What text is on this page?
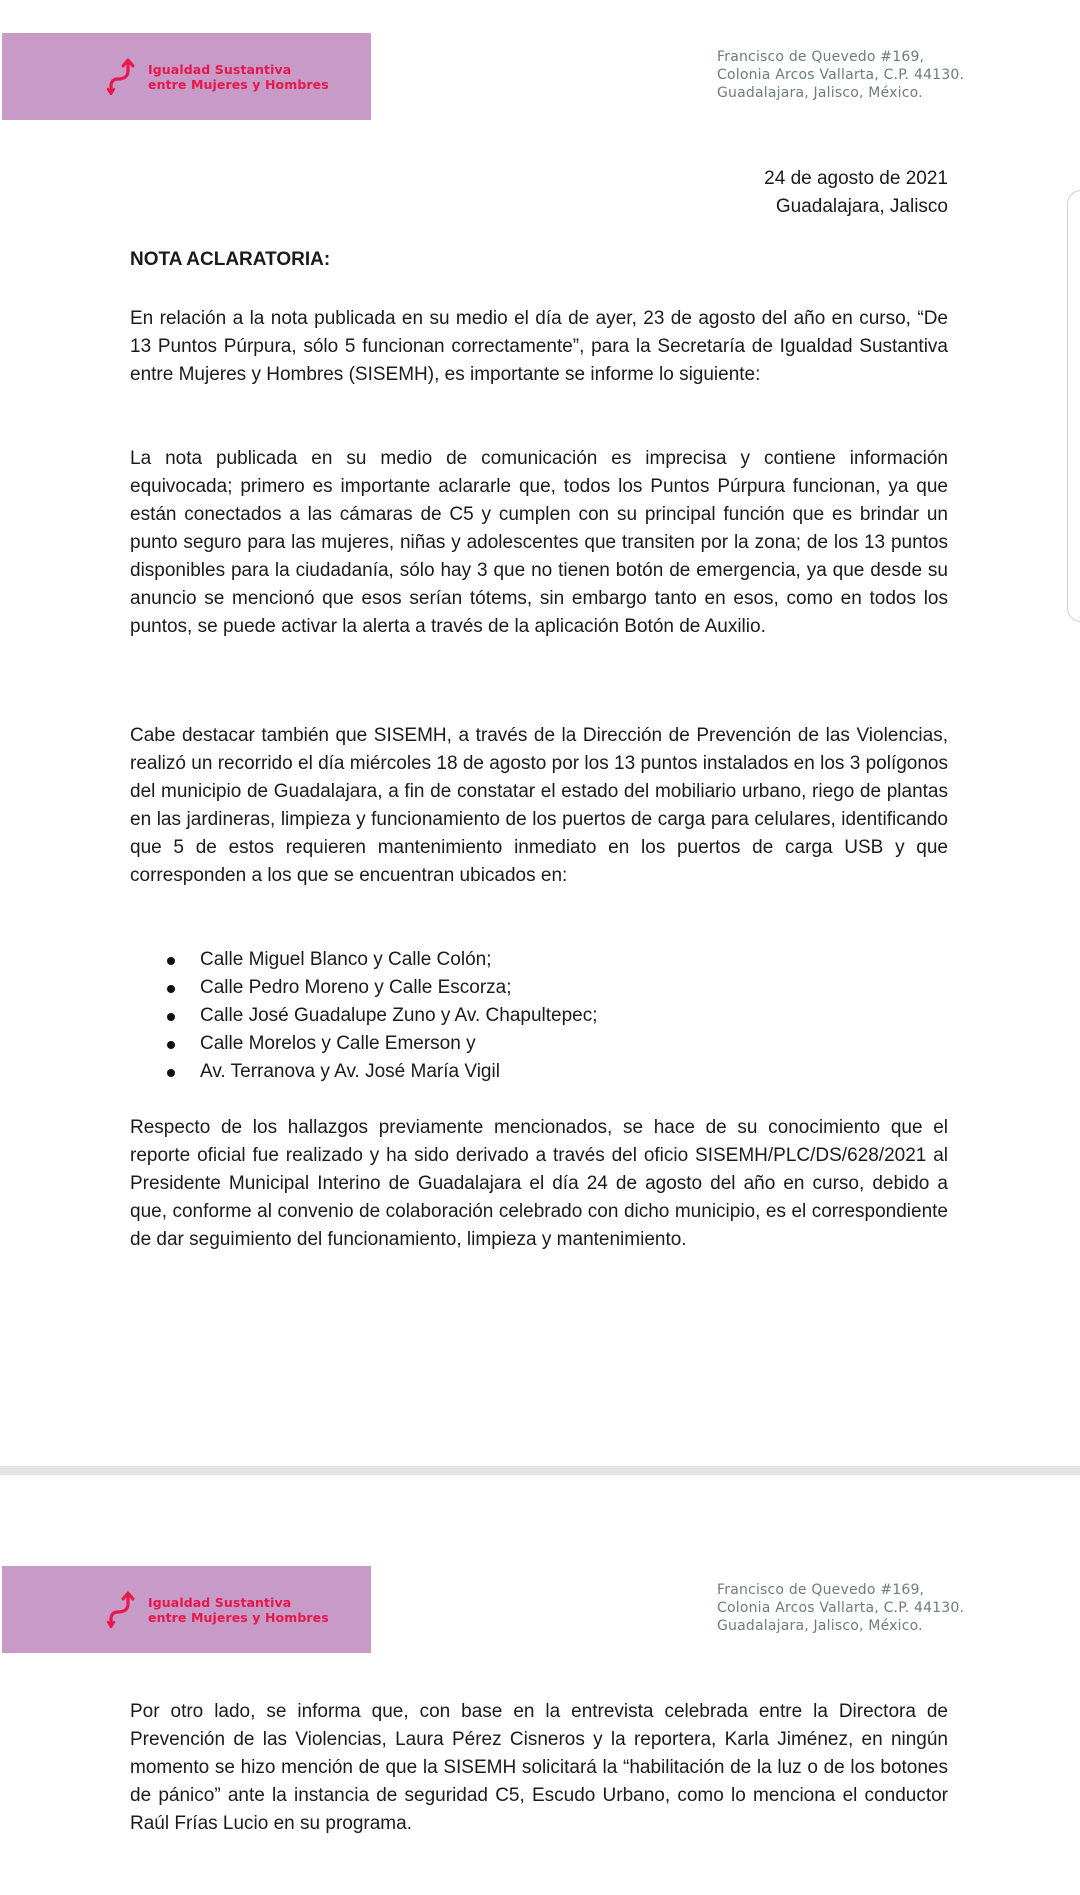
Igualdad Sustantiva
entre Mujeres y Hombres
Francisco de Quevedo #169,
Colonia Arcos Vallarta, C.P. 44130.
Guadalajara, Jalisco, México.
24 de agosto de 2021
Guadalajara, Jalisco
NOTA ACLARATORIA:

En relación a la nota publicada en su medio el día de ayer, 23 de agosto del año en curso, “De 13 Puntos Púrpura, sólo 5 funcionan correctamente”, para la Secretaría de Igualdad Sustantiva entre Mujeres y Hombres (SISEMH), es importante se informe lo siguiente:

La nota publicada en su medio de comunicación es imprecisa y contiene información equivocada; primero es importante aclararle que, todos los Puntos Púrpura funcionan, ya que están conectados a las cámaras de C5 y cumplen con su principal función que es brindar un punto seguro para las mujeres, niñas y adolescentes que transiten por la zona; de los 13 puntos disponibles para la ciudadanía, sólo hay 3 que no tienen botón de emergencia, ya que desde su anuncio se mencionó que esos serían tótems, sin embargo tanto en esos, como en todos los puntos, se puede activar la alerta a través de la aplicación Botón de Auxilio.

Cabe destacar también que SISEMH, a través de la Dirección de Prevención de las Violencias, realizó un recorrido el día miércoles 18 de agosto por los 13 puntos instalados en los 3 polígonos del municipio de Guadalajara, a fin de constatar el estado del mobiliario urbano, riego de plantas en las jardineras, limpieza y funcionamiento de los puertos de carga para celulares, identificando que 5 de estos requieren mantenimiento inmediato en los puertos de carga USB y que corresponden a los que se encuentran ubicados en:

Calle Miguel Blanco y Calle Colón;
Calle Pedro Moreno y Calle Escorza;
Calle José Guadalupe Zuno y Av. Chapultepec;
Calle Morelos y Calle Emerson y
Av. Terranova y Av. José María Vigil

Respecto de los hallazgos previamente mencionados, se hace de su conocimiento que el reporte oficial fue realizado y ha sido derivado a través del oficio SISEMH/PLC/DS/628/2021 al Presidente Municipal Interino de Guadalajara el día 24 de agosto del año en curso, debido a que, conforme al convenio de colaboración celebrado con dicho municipio, es el correspondiente de dar seguimiento del funcionamiento, limpieza y mantenimiento.

Igualdad Sustantiva
entre Mujeres y Hombres
Francisco de Quevedo #169,
Colonia Arcos Vallarta, C.P. 44130.
Guadalajara, Jalisco, México.

Por otro lado, se informa que, con base en la entrevista celebrada entre la Directora de Prevención de las Violencias, Laura Pérez Cisneros y la reportera, Karla Jiménez, en ningún momento se hizo mención de que la SISEMH solicitará la “habilitación de la luz o de los botones de pánico” ante la instancia de seguridad C5, Escudo Urbano, como lo menciona el conductor Raúl Frías Lucio en su programa.
